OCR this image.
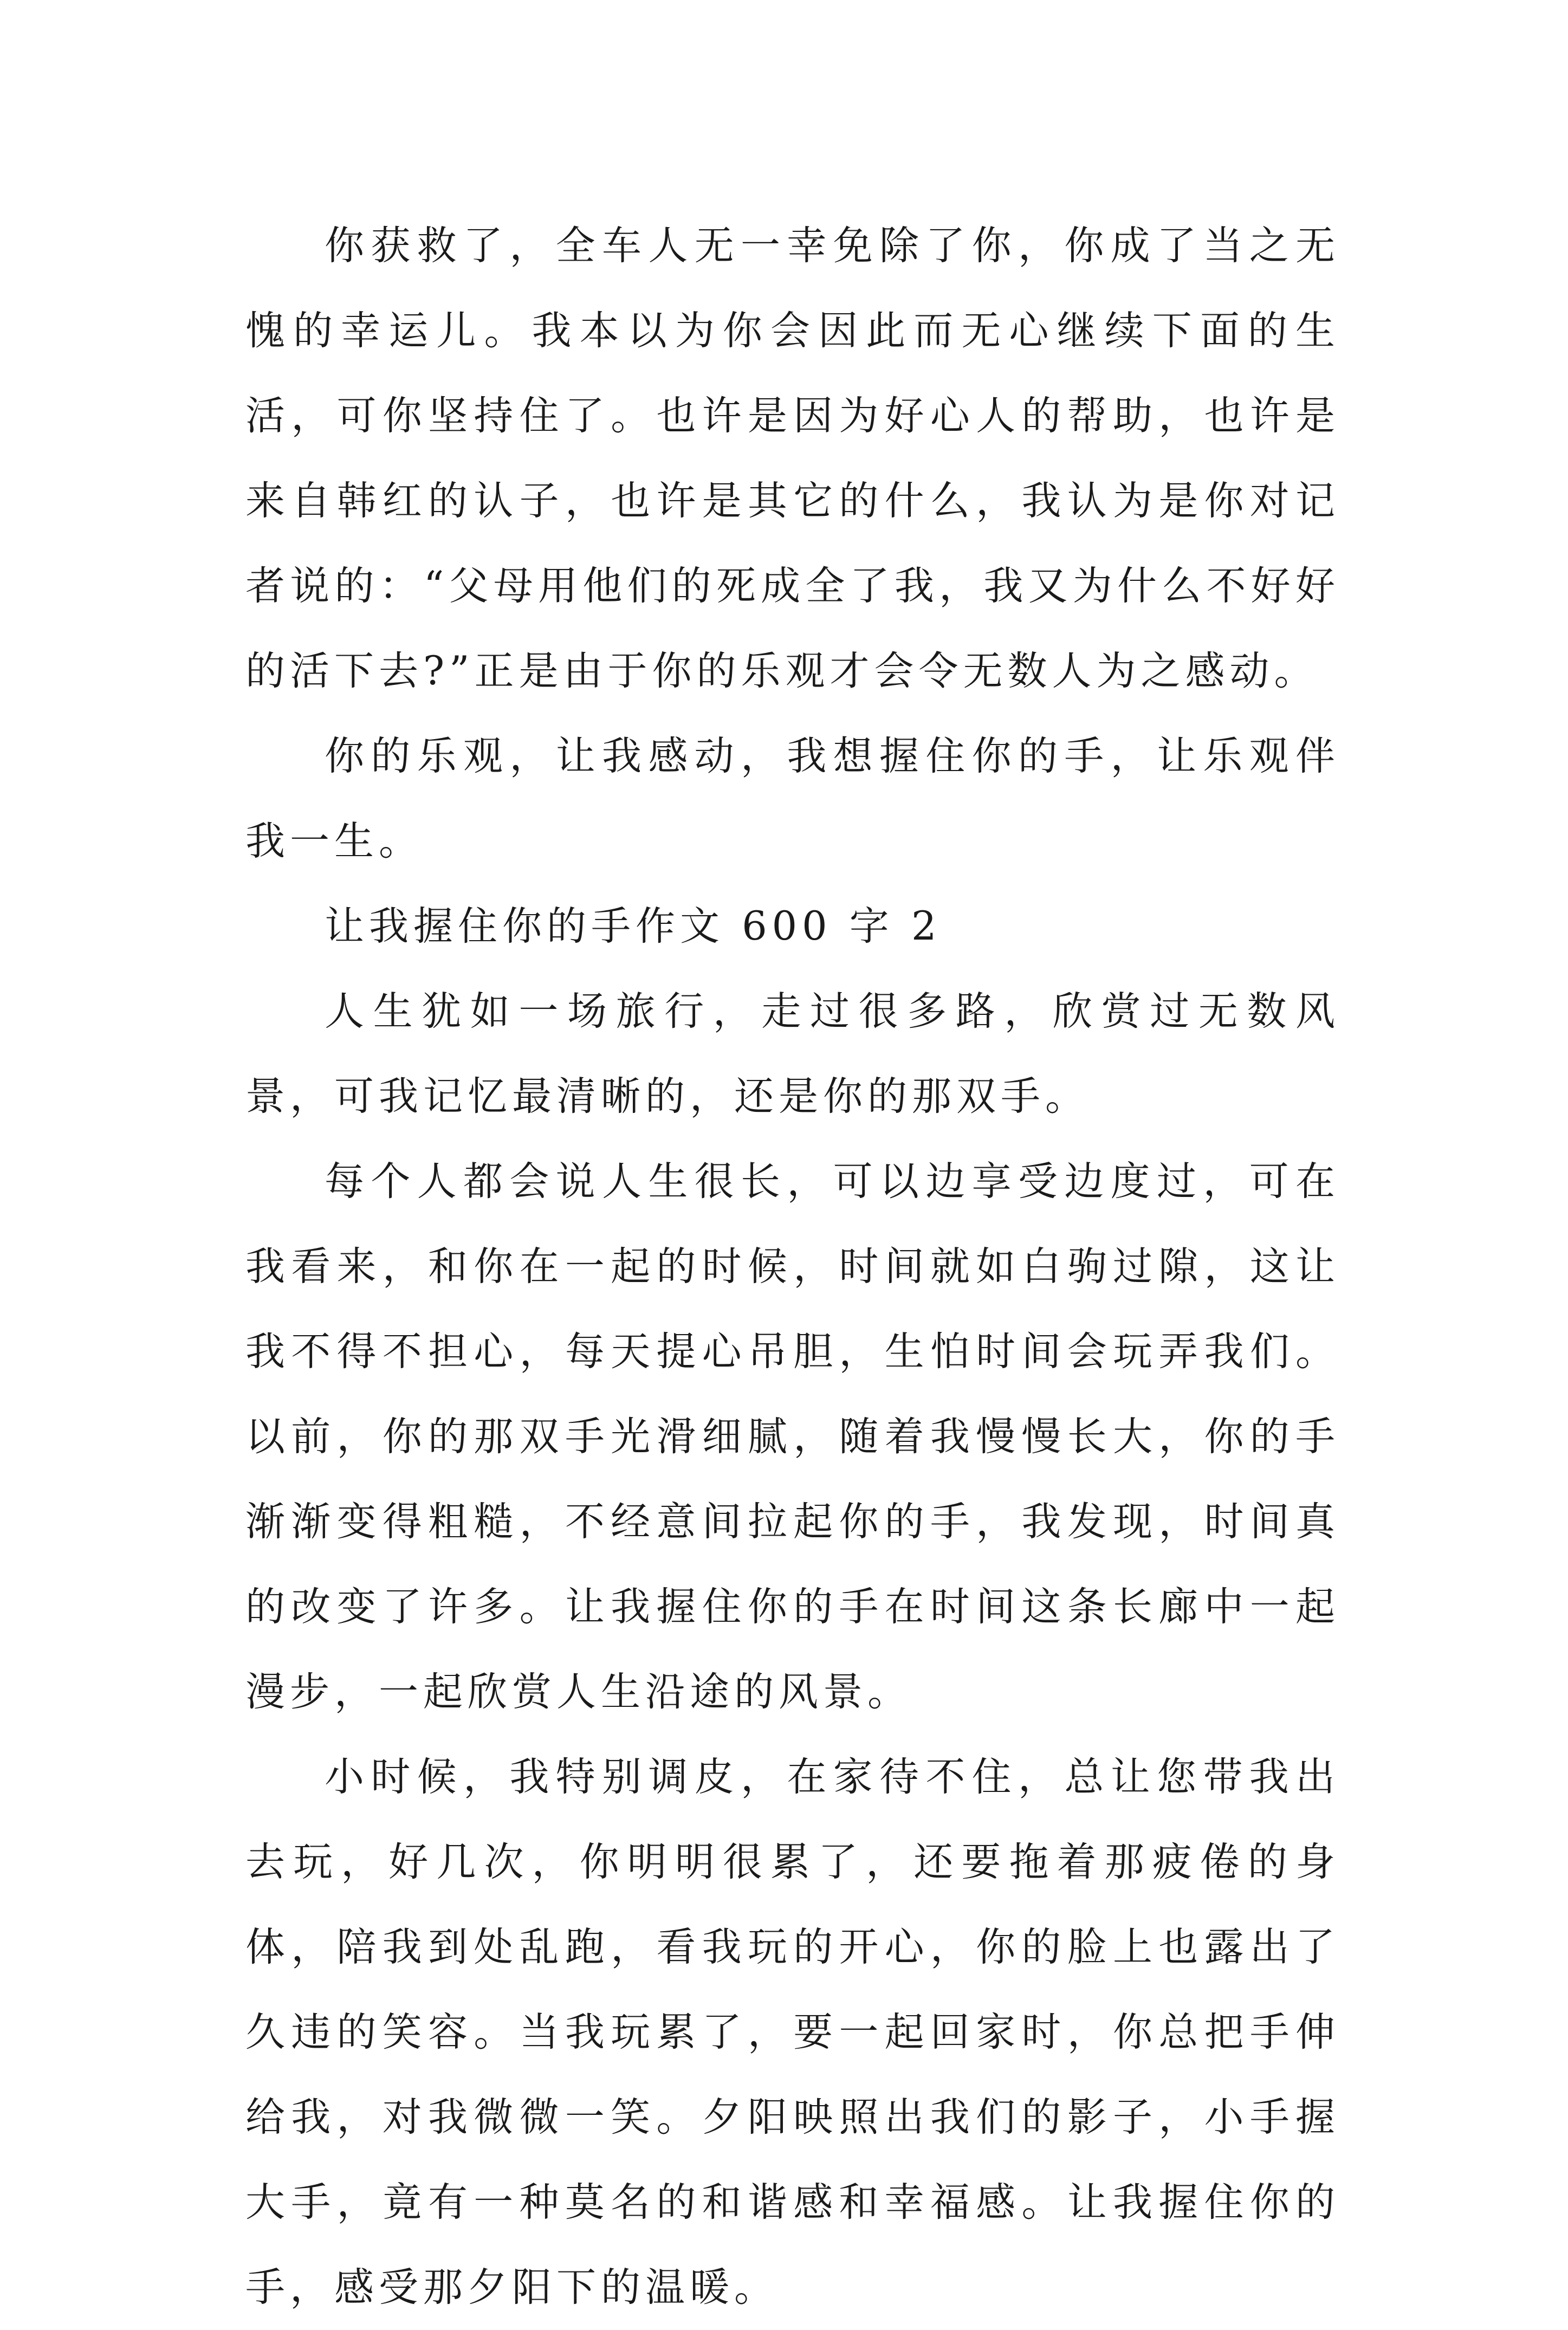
你获救了，全车人无一幸免除了你，你成了当之无愧的幸运儿。我本以为你会因此而无心继续下面的生活，可你坚持住了。也许是因为好心人的帮助，也许是来自韩红的认子，也许是其它的什么，我认为是你对记者说的：“父母用他们的死成全了我，我又为什么不好好的活下去?”正是由于你的乐观才会令无数人为之感动。

你的乐观，让我感动，我想握住你的手，让乐观伴我一生。

让我握住你的手作文 600 字 2

人生犹如一场旅行，走过很多路，欣赏过无数风景，可我记忆最清晰的，还是你的那双手。

每个人都会说人生很长，可以边享受边度过，可在我看来，和你在一起的时候，时间就如白驹过隙，这让我不得不担心，每天提心吊胆，生怕时间会玩弄我们。以前，你的那双手光滑细腻，随着我慢慢长大，你的手渐渐变得粗糙，不经意间拉起你的手，我发现，时间真的改变了许多。让我握住你的手在时间这条长廊中一起漫步，一起欣赏人生沿途的风景。

小时候，我特别调皮，在家待不住，总让您带我出去玩，好几次，你明明很累了，还要拖着那疲倦的身体，陪我到处乱跑，看我玩的开心，你的脸上也露出了久违的笑容。当我玩累了，要一起回家时，你总把手伸给我，对我微微一笑。夕阳映照出我们的影子，小手握大手，竟有一种莫名的和谐感和幸福感。让我握住你的手，感受那夕阳下的温暖。
